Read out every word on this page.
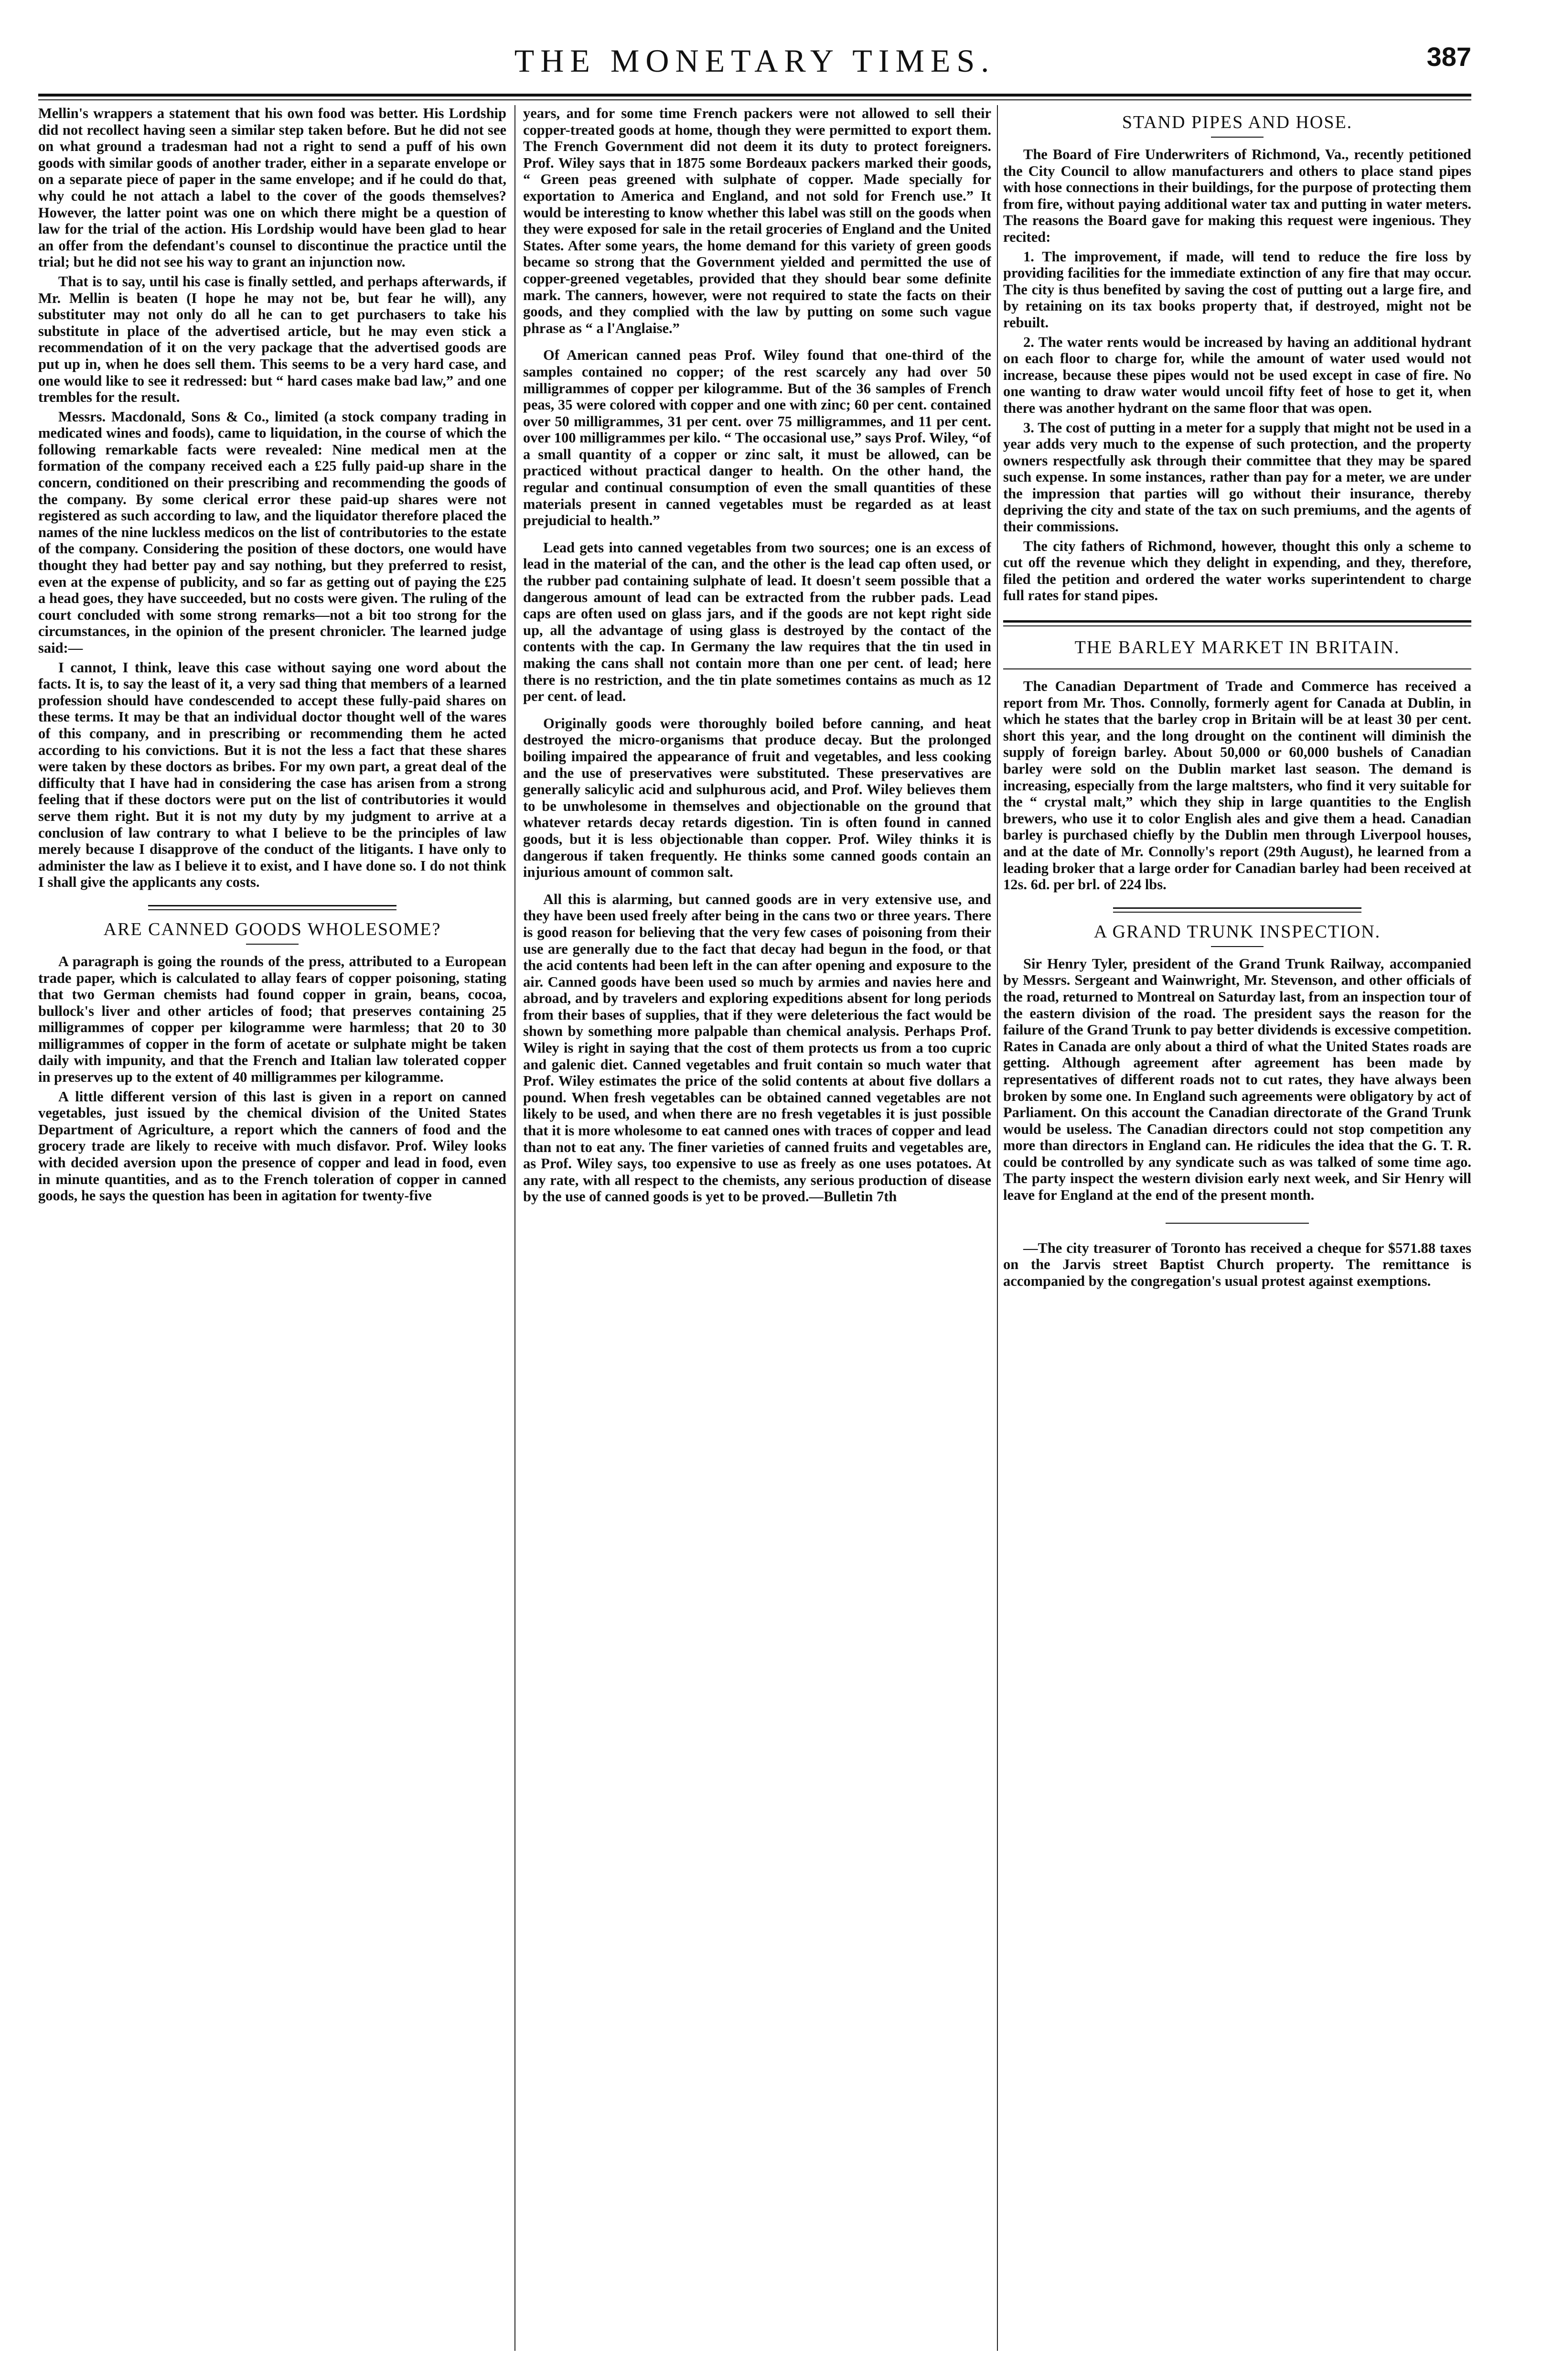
THE MONETARY TIMES.	387

Mellin's wrappers a statement that his own food was better. His Lordship did not recollect having seen a similar step taken before. But he did not see on what ground a tradesman had not a right to send a puff of his own goods with similar goods of another trader, either in a separate envelope or on a separate piece of paper in the same envelope; and if he could do that, why could he not attach a label to the cover of the goods themselves? However, the latter point was one on which there might be a question of law for the trial of the action. His Lordship would have been glad to hear an offer from the defendant's counsel to discontinue the practice until the trial; but he did not see his way to grant an injunction now.

That is to say, until his case is finally settled, and perhaps afterwards, if Mr. Mellin is beaten (I hope he may not be, but fear he will), any substituter may not only do all he can to get purchasers to take his substitute in place of the advertised article, but he may even stick a recommendation of it on the very package that the advertised goods are put up in, when he does sell them. This seems to be a very hard case, and one would like to see it redressed: but “ hard cases make bad law,” and one trembles for the result.

Messrs. Macdonald, Sons & Co., limited (a stock company trading in medicated wines and foods), came to liquidation, in the course of which the following remarkable facts were revealed: Nine medical men at the formation of the company received each a £25 fully paid-up share in the concern, conditioned on their prescribing and recommending the goods of the company. By some clerical error these paid-up shares were not registered as such according to law, and the liquidator therefore placed the names of the nine luckless medicos on the list of contributories to the estate of the company. Considering the position of these doctors, one would have thought they had better pay and say nothing, but they preferred to resist, even at the expense of publicity, and so far as getting out of paying the £25 a head goes, they have succeeded, but no costs were given. The ruling of the court concluded with some strong remarks—not a bit too strong for the circumstances, in the opinion of the present chronicler. The learned judge said:—

I cannot, I think, leave this case without saying one word about the facts. It is, to say the least of it, a very sad thing that members of a learned profession should have condescended to accept these fully-paid shares on these terms. It may be that an individual doctor thought well of the wares of this company, and in prescribing or recommending them he acted according to his convictions. But it is not the less a fact that these shares were taken by these doctors as bribes. For my own part, a great deal of the difficulty that I have had in considering the case has arisen from a strong feeling that if these doctors were put on the list of contributories it would serve them right. But it is not my duty by my judgment to arrive at a conclusion of law contrary to what I believe to be the principles of law merely because I disapprove of the conduct of the litigants. I have only to administer the law as I believe it to exist, and I have done so. I do not think I shall give the applicants any costs.

ARE CANNED GOODS WHOLESOME?

A paragraph is going the rounds of the press, attributed to a European trade paper, which is calculated to allay fears of copper poisoning, stating that two German chemists had found copper in grain, beans, cocoa, bullock's liver and other articles of food; that preserves containing 25 milligrammes of copper per kilogramme were harmless; that 20 to 30 milligrammes of copper in the form of acetate or sulphate might be taken daily with impunity, and that the French and Italian law tolerated copper in preserves up to the extent of 40 milligrammes per kilogramme.

A little different version of this last is given in a report on canned vegetables, just issued by the chemical division of the United States Department of Agriculture, a report which the canners of food and the grocery trade are likely to receive with much disfavor. Prof. Wiley looks with decided aversion upon the presence of copper and lead in food, even in minute quantities, and as to the French toleration of copper in canned goods, he says the question has been in agitation for twenty-five

years, and for some time French packers were not allowed to sell their copper-treated goods at home, though they were permitted to export them. The French Government did not deem it its duty to protect foreigners. Prof. Wiley says that in 1875 some Bordeaux packers marked their goods, “ Green peas greened with sulphate of copper. Made specially for exportation to America and England, and not sold for French use.” It would be interesting to know whether this label was still on the goods when they were exposed for sale in the retail groceries of England and the United States. After some years, the home demand for this variety of green goods became so strong that the Government yielded and permitted the use of copper-greened vegetables, provided that they should bear some definite mark. The canners, however, were not required to state the facts on their goods, and they complied with the law by putting on some such vague phrase as “ a l'Anglaise.”

Of American canned peas Prof. Wiley found that one-third of the samples contained no copper; of the rest scarcely any had over 50 milligrammes of copper per kilogramme. But of the 36 samples of French peas, 35 were colored with copper and one with zinc; 60 per cent. contained over 50 milligrammes, 31 per cent. over 75 milligrammes, and 11 per cent. over 100 milligrammes per kilo. “ The occasional use,” says Prof. Wiley, “of a small quantity of a copper or zinc salt, it must be allowed, can be practiced without practical danger to health. On the other hand, the regular and continual consumption of even the small quantities of these materials present in canned vegetables must be regarded as at least prejudicial to health.”

Lead gets into canned vegetables from two sources; one is an excess of lead in the material of the can, and the other is the lead cap often used, or the rubber pad containing sulphate of lead. It doesn't seem possible that a dangerous amount of lead can be extracted from the rubber pads. Lead caps are often used on glass jars, and if the goods are not kept right side up, all the advantage of using glass is destroyed by the contact of the contents with the cap. In Germany the law requires that the tin used in making the cans shall not contain more than one per cent. of lead; here there is no restriction, and the tin plate sometimes contains as much as 12 per cent. of lead.

Originally goods were thoroughly boiled before canning, and heat destroyed the micro-organisms that produce decay. But the prolonged boiling impaired the appearance of fruit and vegetables, and less cooking and the use of preservatives were substituted. These preservatives are generally salicylic acid and sulphurous acid, and Prof. Wiley believes them to be unwholesome in themselves and objectionable on the ground that whatever retards decay retards digestion. Tin is often found in canned goods, but it is less objectionable than copper. Prof. Wiley thinks it is dangerous if taken frequently. He thinks some canned goods contain an injurious amount of common salt.

All this is alarming, but canned goods are in very extensive use, and they have been used freely after being in the cans two or three years. There is good reason for believing that the very few cases of poisoning from their use are generally due to the fact that decay had begun in the food, or that the acid contents had been left in the can after opening and exposure to the air. Canned goods have been used so much by armies and navies here and abroad, and by travelers and exploring expeditions absent for long periods from their bases of supplies, that if they were deleterious the fact would be shown by something more palpable than chemical analysis. Perhaps Prof. Wiley is right in saying that the cost of them protects us from a too cupric and galenic diet. Canned vegetables and fruit contain so much water that Prof. Wiley estimates the price of the solid contents at about five dollars a pound. When fresh vegetables can be obtained canned vegetables are not likely to be used, and when there are no fresh vegetables it is just possible that it is more wholesome to eat canned ones with traces of copper and lead than not to eat any. The finer varieties of canned fruits and vegetables are, as Prof. Wiley says, too expensive to use as freely as one uses potatoes. At any rate, with all respect to the chemists, any serious production of disease by the use of canned goods is yet to be proved.—Bulletin 7th

STAND PIPES AND HOSE.

The Board of Fire Underwriters of Richmond, Va., recently petitioned the City Council to allow manufacturers and others to place stand pipes with hose connections in their buildings, for the purpose of protecting them from fire, without paying additional water tax and putting in water meters. The reasons the Board gave for making this request were ingenious. They recited:

1. The improvement, if made, will tend to reduce the fire loss by providing facilities for the immediate extinction of any fire that may occur. The city is thus benefited by saving the cost of putting out a large fire, and by retaining on its tax books property that, if destroyed, might not be rebuilt.

2. The water rents would be increased by having an additional hydrant on each floor to charge for, while the amount of water used would not increase, because these pipes would not be used except in case of fire. No one wanting to draw water would uncoil fifty feet of hose to get it, when there was another hydrant on the same floor that was open.

3. The cost of putting in a meter for a supply that might not be used in a year adds very much to the expense of such protection, and the property owners respectfully ask through their committee that they may be spared such expense. In some instances, rather than pay for a meter, we are under the impression that parties will go without their insurance, thereby depriving the city and state of the tax on such premiums, and the agents of their commissions.

The city fathers of Richmond, however, thought this only a scheme to cut off the revenue which they delight in expending, and they, therefore, filed the petition and ordered the water works superintendent to charge full rates for stand pipes.

THE BARLEY MARKET IN BRITAIN.

The Canadian Department of Trade and Commerce has received a report from Mr. Thos. Connolly, formerly agent for Canada at Dublin, in which he states that the barley crop in Britain will be at least 30 per cent. short this year, and the long drought on the continent will diminish the supply of foreign barley. About 50,000 or 60,000 bushels of Canadian barley were sold on the Dublin market last season. The demand is increasing, especially from the large maltsters, who find it very suitable for the “ crystal malt,” which they ship in large quantities to the English brewers, who use it to color English ales and give them a head. Canadian barley is purchased chiefly by the Dublin men through Liverpool houses, and at the date of Mr. Connolly's report (29th August), he learned from a leading broker that a large order for Canadian barley had been received at 12s. 6d. per brl. of 224 lbs.

A GRAND TRUNK INSPECTION.

Sir Henry Tyler, president of the Grand Trunk Railway, accompanied by Messrs. Sergeant and Wainwright, Mr. Stevenson, and other officials of the road, returned to Montreal on Saturday last, from an inspection tour of the eastern division of the road. The president says the reason for the failure of the Grand Trunk to pay better dividends is excessive competition. Rates in Canada are only about a third of what the United States roads are getting. Although agreement after agreement has been made by representatives of different roads not to cut rates, they have always been broken by some one. In England such agreements were obligatory by act of Parliament. On this account the Canadian directorate of the Grand Trunk would be useless. The Canadian directors could not stop competition any more than directors in England can. He ridicules the idea that the G. T. R. could be controlled by any syndicate such as was talked of some time ago. The party inspect the western division early next week, and Sir Henry will leave for England at the end of the present month.

—The city treasurer of Toronto has received a cheque for $571.88 taxes on the Jarvis street Baptist Church property. The remittance is accompanied by the congregation's usual protest against exemptions.
